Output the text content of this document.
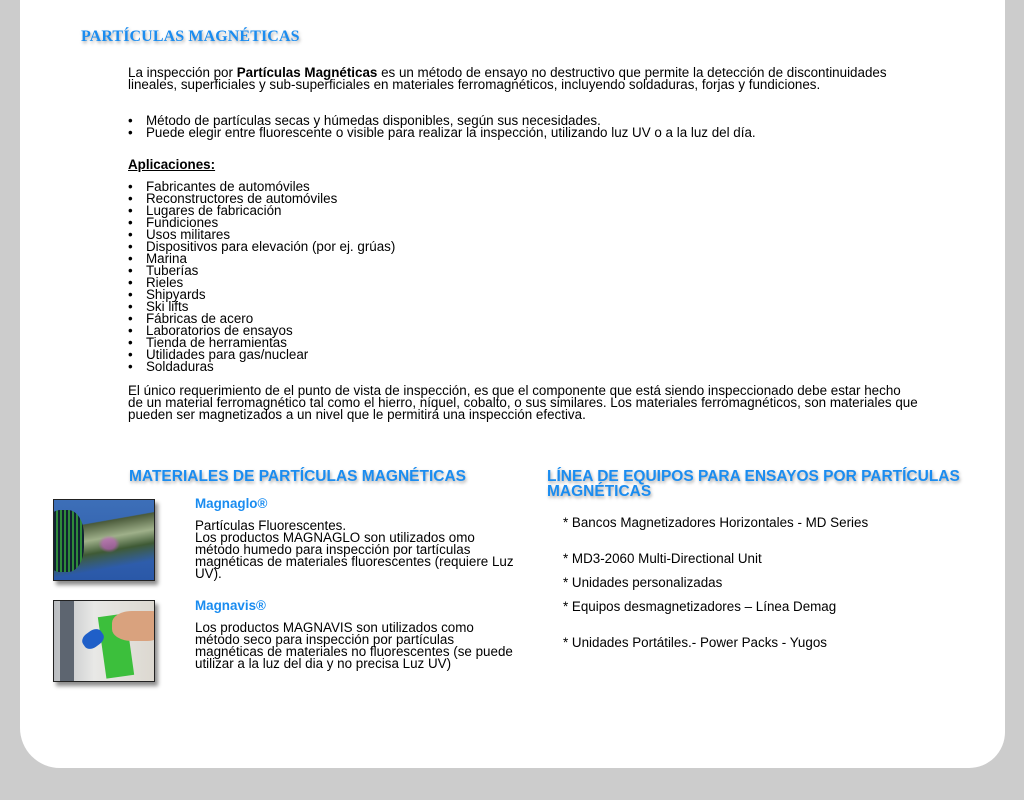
PARTÍCULAS MAGNÉTICAS

La inspección por Partículas Magnéticas es un método de ensayo no destructivo que permite la detección de discontinuidades lineales, superficiales y sub-superficiales en materiales ferromagnéticos, incluyendo soldaduras, forjas y fundiciones.

• Método de partículas secas y húmedas disponibles, según sus necesidades.
• Puede elegir entre fluorescente o visible para realizar la inspección, utilizando luz UV o a la luz del día.
Aplicaciones:
• Fabricantes de automóviles
• Reconstructores de automóviles
• Lugares de fabricación
• Fundiciones
• Usos militares
• Dispositivos para elevación (por ej. grúas)
• Marina
• Tuberías
• Rieles
• Shipyards
• Ski lifts
• Fábricas de acero
• Laboratorios de ensayos
• Tienda de herramientas
• Utilidades para gas/nuclear
• Soldaduras

El único requerimiento de el punto de vista de inspección, es que el componente que está siendo inspeccionado debe estar hecho de un material ferromagnético tal como el hierro, níquel, cobalto, o sus similares. Los materiales ferromagnéticos, son materiales que pueden ser magnetizados a un nivel que le permitirá una inspección efectiva.

MATERIALES DE PARTÍCULAS MAGNÉTICAS
Magnaglo®

Partículas Fluorescentes.
Los productos MAGNAGLO son utilizados omo método humedo para inspección por tartículas magnéticas de materiales fluorescentes (requiere Luz UV).

Magnavis®

Los productos MAGNAVIS son utilizados como método seco para inspección por partículas magnéticas de materiales no fluorescentes (se puede utilizar a la luz del dia y no precisa Luz UV)

LÍNEA DE EQUIPOS PARA ENSAYOS POR PARTÍCULAS MAGNÉTICAS

* Bancos Magnetizadores Horizontales - MD Series

* MD3-2060 Multi-Directional Unit

* Unidades personalizadas

* Equipos desmagnetizadores – Línea Demag

* Unidades Portátiles.- Power Packs - Yugos
